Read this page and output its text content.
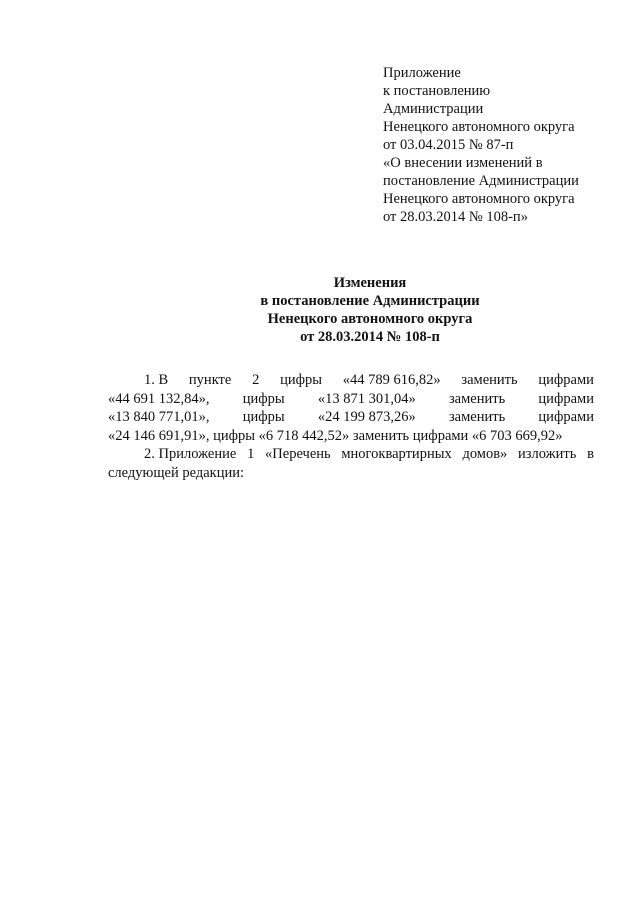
Приложение
к постановлению
Администрации
Ненецкого автономного округа
от 03.04.2015 № 87-п
«О внесении изменений в
постановление Администрации
Ненецкого автономного округа
от 28.03.2014 № 108-п»
Изменения
в постановление Администрации
Ненецкого автономного округа
от 28.03.2014 № 108-п
1. В пункте 2 цифры «44 789 616,82» заменить цифрами
«44 691 132,84», цифры «13 871 301,04» заменить цифрами
«13 840 771,01», цифры «24 199 873,26» заменить цифрами
«24 146 691,91», цифры «6 718 442,52» заменить цифрами «6 703 669,92»
2. Приложение 1 «Перечень многоквартирных домов» изложить в
следующей редакции:
